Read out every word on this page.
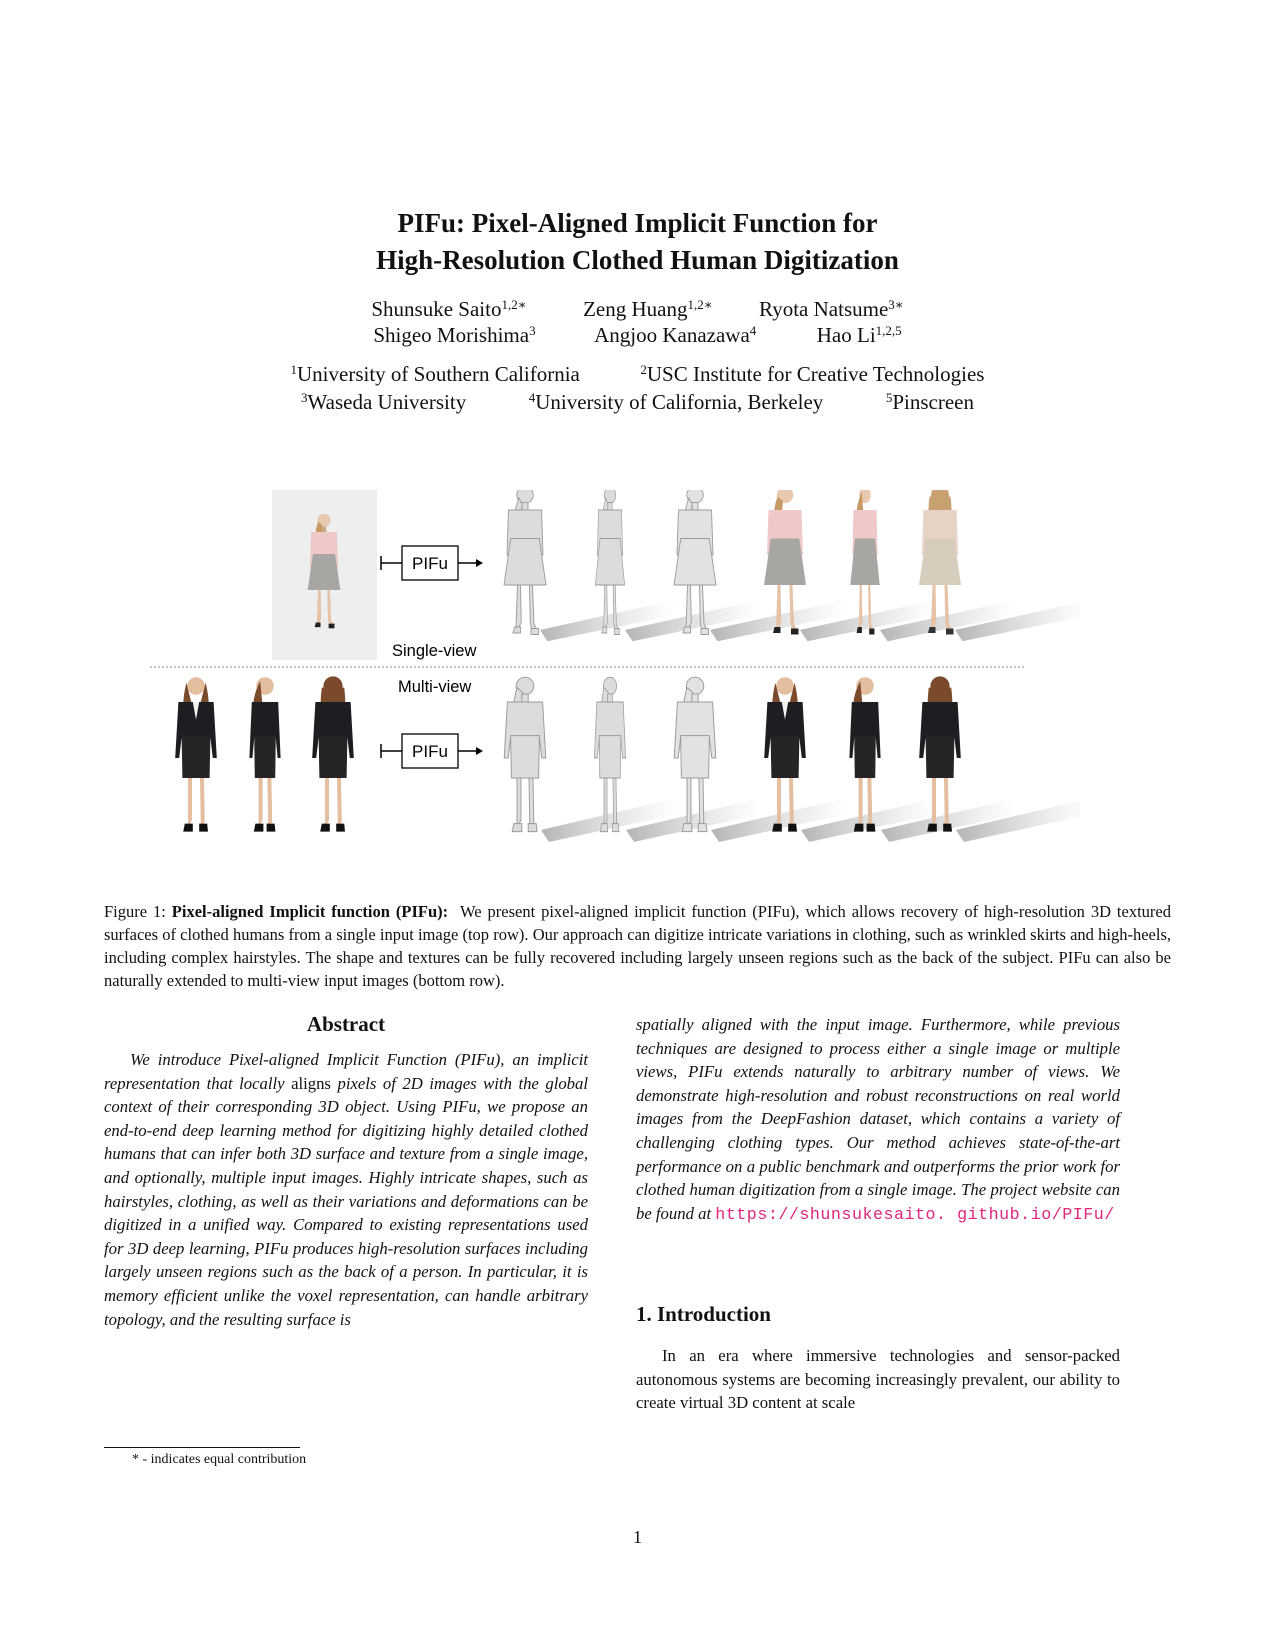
PIFu: Pixel-Aligned Implicit Function for
High-Resolution Clothed Human Digitization
Shunsuke Saito$^{1,2∗}$	Zeng Huang$^{1,2∗}$ Ryota Natsume$^{3∗}$
Shigeo Morishima$^3$	Angjoo Kanazawa$^4$	Hao Li$^{1,2,5}$
$^1$University of Southern California	$^2$USC Institute for Creative Technologies
$^3$Waseda University	$^4$University of California, Berkeley	$^5$Pinscreen
PIFu
Single-view
Multi-view
PIFu
Figure 1: Pixel-aligned Implicit function (PIFu): We present pixel-aligned implicit function (PIFu), which allows recovery of high-resolution 3D textured surfaces of clothed humans from a single input image (top row). Our approach can digitize intricate variations in clothing, such as wrinkled skirts and high-heels, including complex hairstyles. The shape and textures can be fully recovered including largely unseen regions such as the back of the subject. PIFu can also be naturally extended to multi-view input images (bottom row).
Abstract
We introduce Pixel-aligned Implicit Function (PIFu), an implicit representation that locally aligns pixels of 2D images with the global context of their corresponding 3D object. Using PIFu, we propose an end-to-end deep learning method for digitizing highly detailed clothed humans that can infer both 3D surface and texture from a single image, and optionally, multiple input images. Highly intricate shapes, such as hairstyles, clothing, as well as their variations and deformations can be digitized in a unified way. Compared to existing representations used for 3D deep learning, PIFu produces high-resolution surfaces including largely unseen regions such as the back of a person. In particular, it is memory efficient unlike the voxel representation, can handle arbitrary topology, and the resulting surface is
spatially aligned with the input image. Furthermore, while previous techniques are designed to process either a single image or multiple views, PIFu extends naturally to arbitrary number of views. We demonstrate high-resolution and robust reconstructions on real world images from the DeepFashion dataset, which contains a variety of challenging clothing types. Our method achieves state-of-the-art performance on a public benchmark and outperforms the prior work for clothed human digitization from a single image. The project website can be found at https://shunsukesaito. github.io/PIFu/
1. Introduction
In an era where immersive technologies and sensor-packed autonomous systems are becoming increasingly prevalent, our ability to create virtual 3D content at scale
* - indicates equal contribution
1
